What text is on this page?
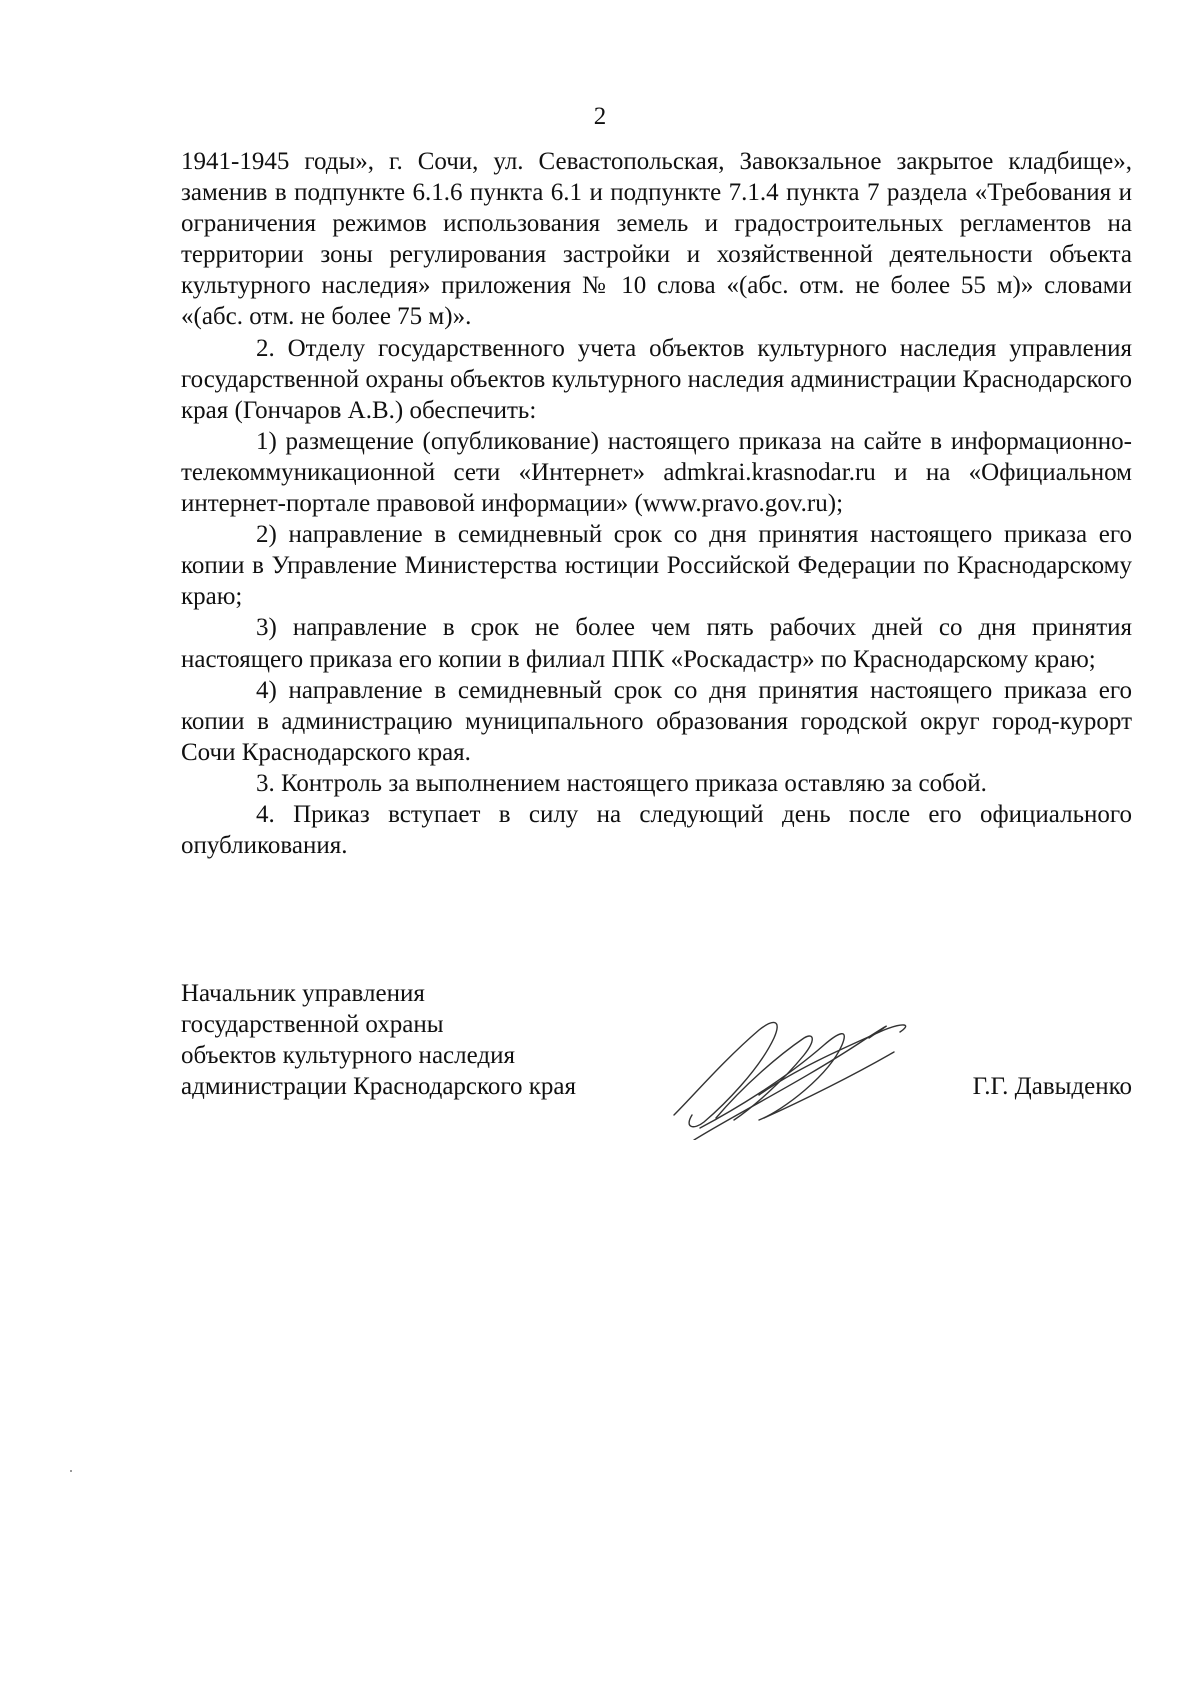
2

1941-1945 годы», г. Сочи, ул. Севастопольская, Завокзальное закрытое кладбище», заменив в подпункте 6.1.6 пункта 6.1 и подпункте 7.1.4 пункта 7 раздела «Требования и ограничения режимов использования земель и градостроительных регламентов на территории зоны регулирования застройки и хозяйственной деятельности объекта культурного наследия» приложения № 10 слова «(абс. отм. не более 55 м)» словами «(абс. отм. не более 75 м)».

2. Отделу государственного учета объектов культурного наследия управления государственной охраны объектов культурного наследия администрации Краснодарского края (Гончаров А.В.) обеспечить:

1) размещение (опубликование) настоящего приказа на сайте в информационно-телекоммуникационной сети «Интернет» admkrai.krasnodar.ru и на «Официальном интернет-портале правовой информации» (www.pravo.gov.ru);

2) направление в семидневный срок со дня принятия настоящего приказа его копии в Управление Министерства юстиции Российской Федерации по Краснодарскому краю;

3) направление в срок не более чем пять рабочих дней со дня принятия настоящего приказа его копии в филиал ППК «Роскадастр» по Краснодарскому краю;

4) направление в семидневный срок со дня принятия настоящего приказа его копии в администрацию муниципального образования городской округ город-курорт Сочи Краснодарского края.

3. Контроль за выполнением настоящего приказа оставляю за собой.

4. Приказ вступает в силу на следующий день после его официального опубликования.

Начальник управления
государственной охраны
объектов культурного наследия
администрации Краснодарского края	Г.Г. Давыденко
